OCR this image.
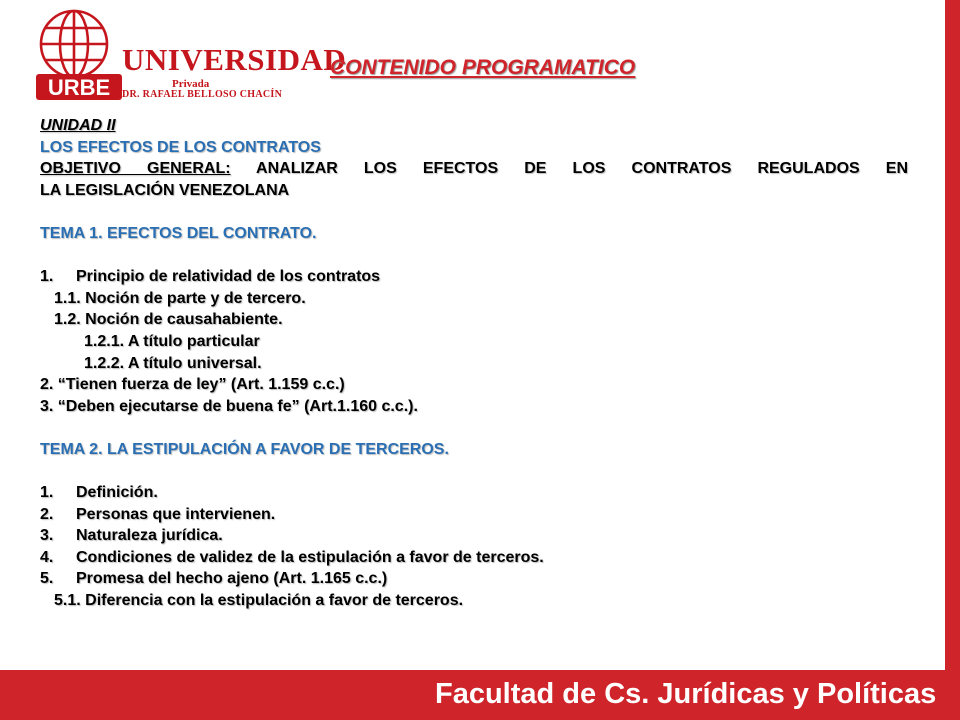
URBE
UNIVERSIDAD
Privada
DR. RAFAEL BELLOSO CHACÍN
CONTENIDO PROGRAMATICO
UNIDAD II
LOS EFECTOS DE LOS CONTRATOS
OBJETIVO GENERAL: ANALIZAR LOS EFECTOS DE LOS CONTRATOS REGULADOS EN
LA LEGISLACIÓN VENEZOLANA
TEMA 1. EFECTOS DEL CONTRATO.
1. Principio de relatividad de los contratos
1.1. Noción de parte y de tercero.
1.2. Noción de causahabiente.
1.2.1. A título particular
1.2.2. A título universal.
2. “Tienen fuerza de ley” (Art. 1.159 c.c.)
3. “Deben ejecutarse de buena fe” (Art.1.160 c.c.).
TEMA 2. LA ESTIPULACIÓN A FAVOR DE TERCEROS.
1. Definición.
2. Personas que intervienen.
3. Naturaleza jurídica.
4. Condiciones de validez de la estipulación a favor de terceros.
5. Promesa del hecho ajeno (Art. 1.165 c.c.)
5.1. Diferencia con la estipulación a favor de terceros.
Facultad de Cs. Jurídicas y Políticas
